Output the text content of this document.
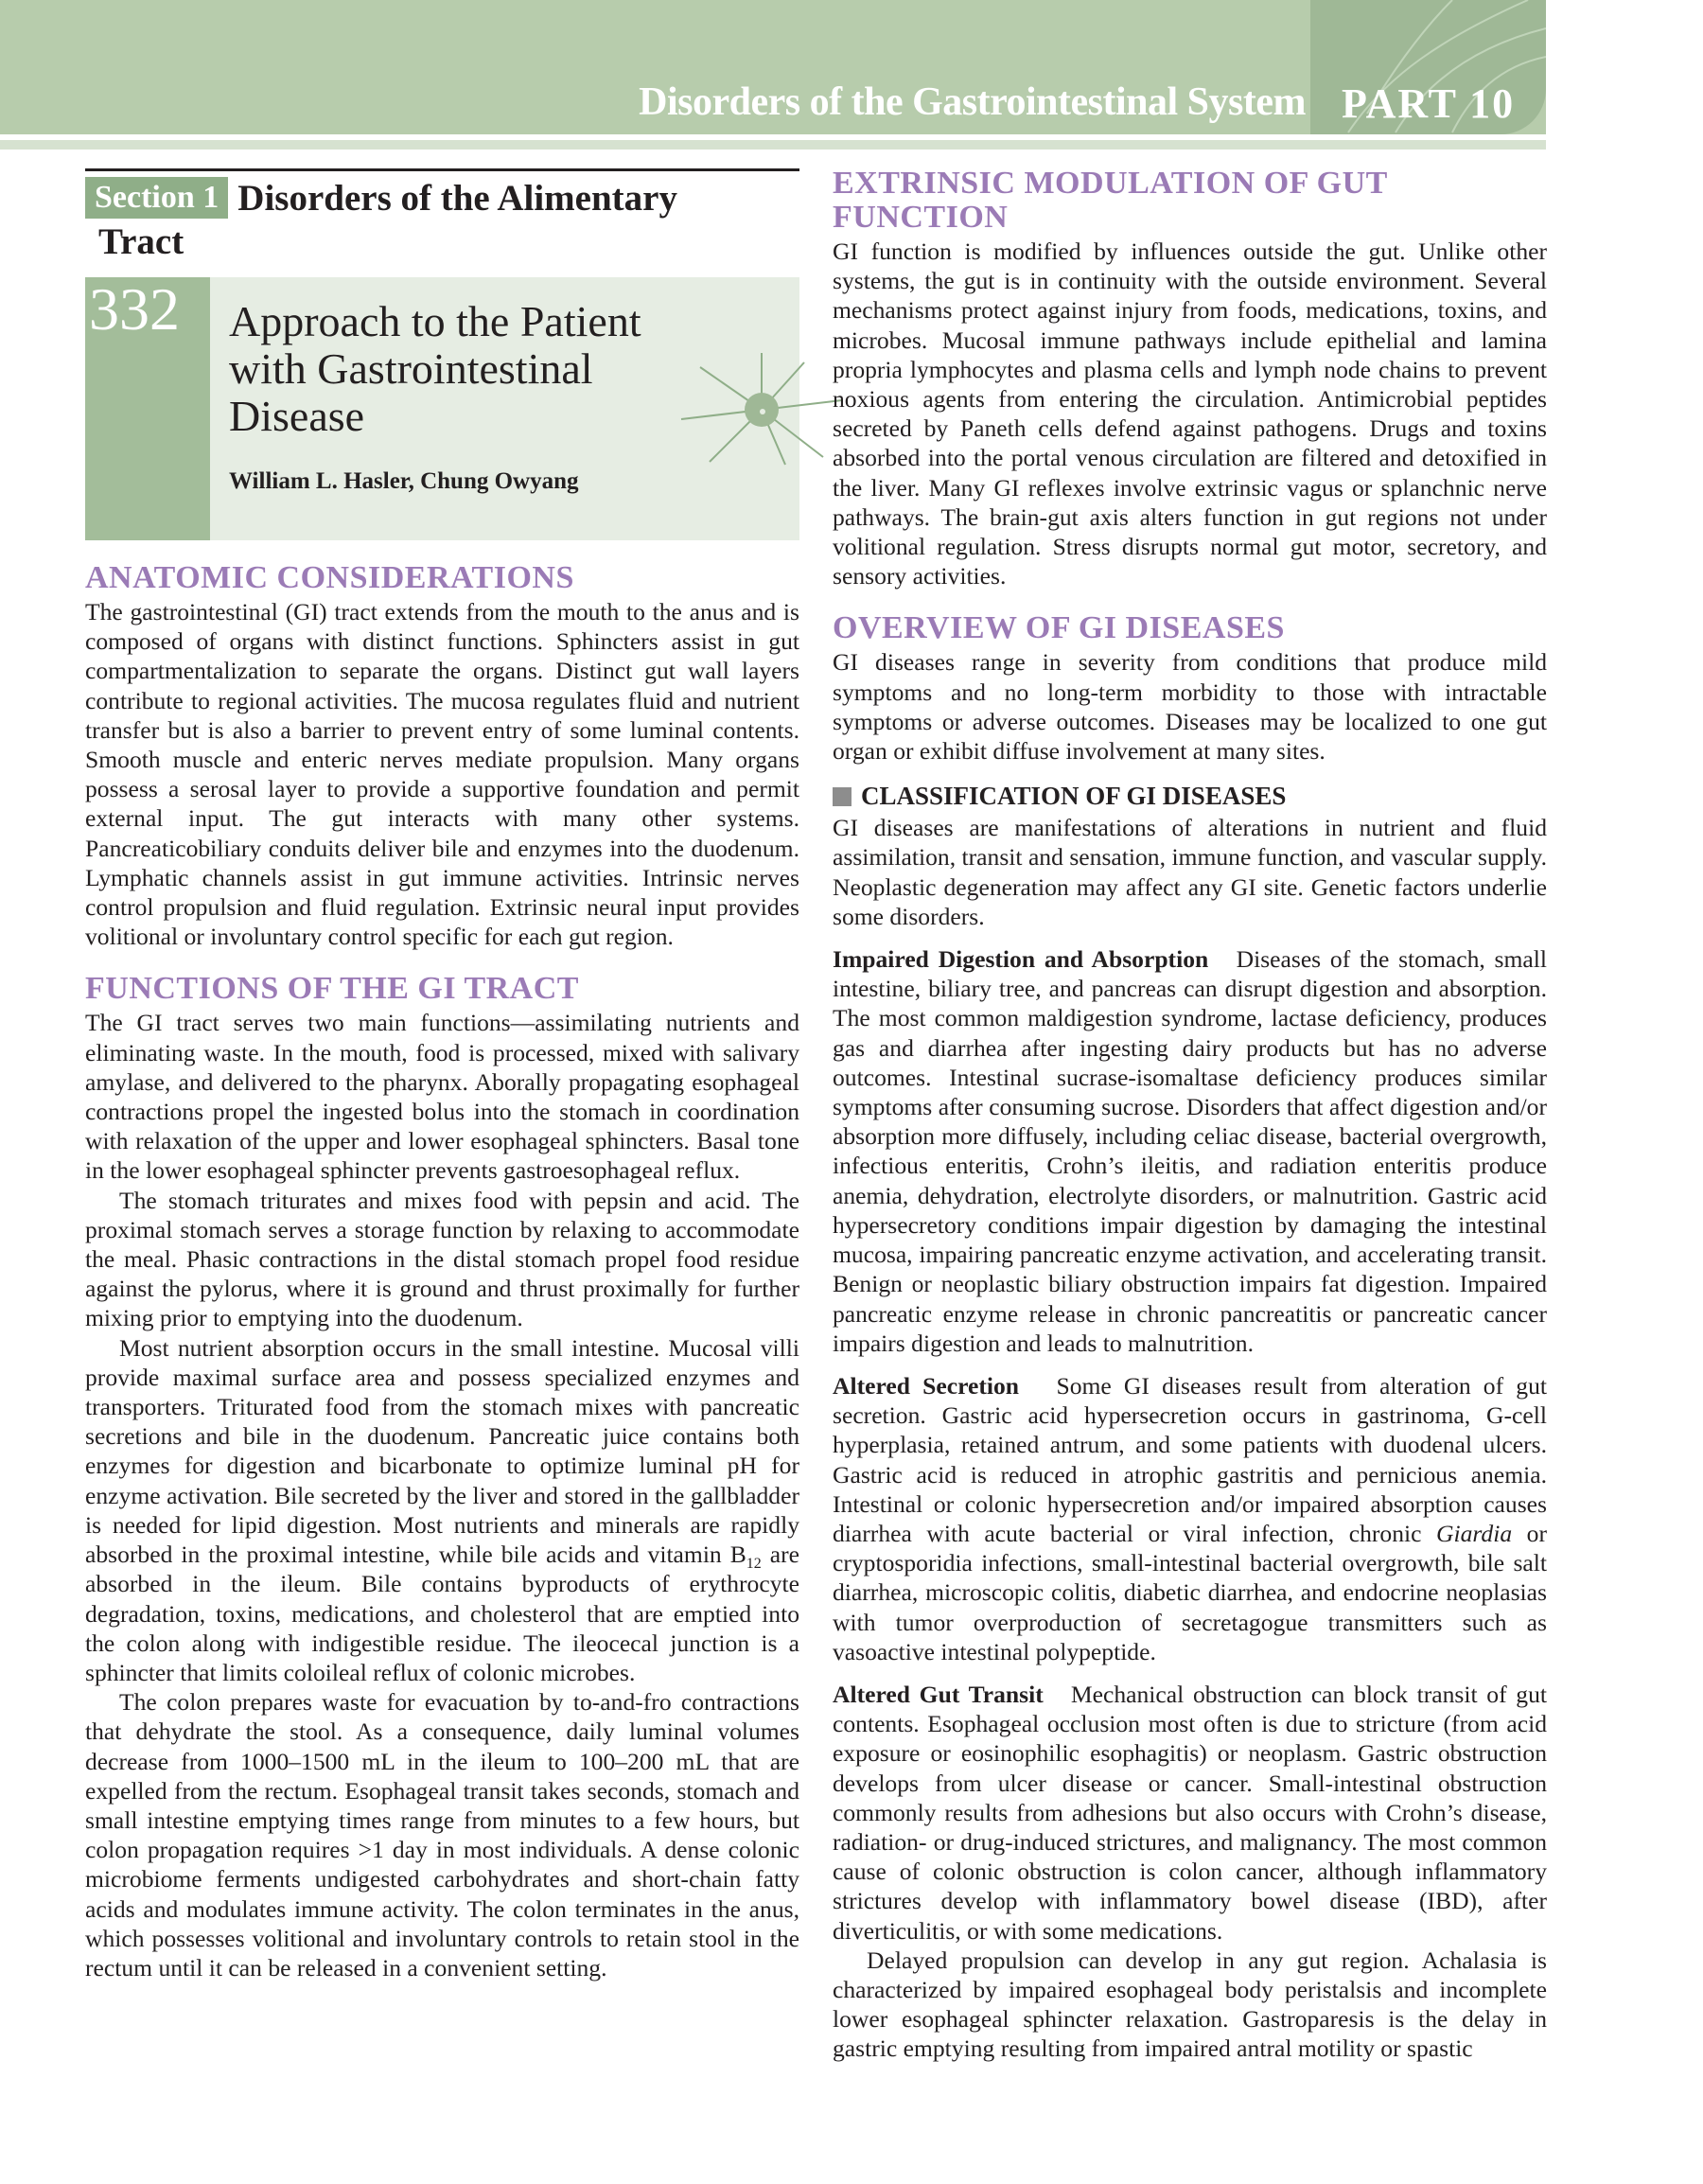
Disorders of the Gastrointestinal System PART 10
Section 1 Disorders of the Alimentary
Tract
332 Approach to the Patient with Gastrointestinal Disease
William L. Hasler, Chung Owyang
ANATOMIC CONSIDERATIONS

The gastrointestinal (GI) tract extends from the mouth to the anus and is composed of organs with distinct functions. Sphincters assist in gut compartmentalization to separate the organs. Distinct gut wall layers contribute to regional activities. The mucosa regulates fluid and nutrient transfer but is also a barrier to prevent entry of some luminal contents. Smooth muscle and enteric nerves mediate propulsion. Many organs possess a serosal layer to provide a supportive foundation and permit external input. The gut interacts with many other systems. Pancreaticobiliary conduits deliver bile and enzymes into the duodenum. Lymphatic channels assist in gut immune activities. Intrinsic nerves control propulsion and fluid regulation. Extrinsic neural input provides volitional or involuntary control specific for each gut region.

FUNCTIONS OF THE GI TRACT

The GI tract serves two main functions—assimilating nutrients and eliminating waste. In the mouth, food is processed, mixed with salivary amylase, and delivered to the pharynx. Aborally propagating esophageal contractions propel the ingested bolus into the stomach in coordination with relaxation of the upper and lower esophageal sphincters. Basal tone in the lower esophageal sphincter prevents gastroesophageal reflux.

The stomach triturates and mixes food with pepsin and acid. The proximal stomach serves a storage function by relaxing to accommodate the meal. Phasic contractions in the distal stomach propel food residue against the pylorus, where it is ground and thrust proximally for further mixing prior to emptying into the duodenum.

Most nutrient absorption occurs in the small intestine. Mucosal villi provide maximal surface area and possess specialized enzymes and transporters. Triturated food from the stomach mixes with pancreatic secretions and bile in the duodenum. Pancreatic juice contains both enzymes for digestion and bicarbonate to optimize luminal pH for enzyme activation. Bile secreted by the liver and stored in the gallbladder is needed for lipid digestion. Most nutrients and minerals are rapidly absorbed in the proximal intestine, while bile acids and vitamin $B_{12}$ are absorbed in the ileum. Bile contains byproducts of erythrocyte degradation, toxins, medications, and cholesterol that are emptied into the colon along with indigestible residue. The ileocecal junction is a sphincter that limits coloileal reflux of colonic microbes.

The colon prepares waste for evacuation by to-and-fro contractions that dehydrate the stool. As a consequence, daily luminal volumes decrease from 1000–1500 mL in the ileum to 100–200 mL that are expelled from the rectum. Esophageal transit takes seconds, stomach and small intestine emptying times range from minutes to a few hours, but colon propagation requires >1 day in most individuals. A dense colonic microbiome ferments undigested carbohydrates and short-chain fatty acids and modulates immune activity. The colon terminates in the anus, which possesses volitional and involuntary controls to retain stool in the rectum until it can be released in a convenient setting.

EXTRINSIC MODULATION OF GUT FUNCTION

GI function is modified by influences outside the gut. Unlike other systems, the gut is in continuity with the outside environment. Several mechanisms protect against injury from foods, medications, toxins, and microbes. Mucosal immune pathways include epithelial and lamina propria lymphocytes and plasma cells and lymph node chains to prevent noxious agents from entering the circulation. Antimicrobial peptides secreted by Paneth cells defend against pathogens. Drugs and toxins absorbed into the portal venous circulation are filtered and detoxified in the liver. Many GI reflexes involve extrinsic vagus or splanchnic nerve pathways. The brain-gut axis alters function in gut regions not under volitional regulation. Stress disrupts normal gut motor, secretory, and sensory activities.

OVERVIEW OF GI DISEASES

GI diseases range in severity from conditions that produce mild symptoms and no long-term morbidity to those with intractable symptoms or adverse outcomes. Diseases may be localized to one gut organ or exhibit diffuse involvement at many sites.

CLASSIFICATION OF GI DISEASES

GI diseases are manifestations of alterations in nutrient and fluid assimilation, transit and sensation, immune function, and vascular supply. Neoplastic degeneration may affect any GI site. Genetic factors underlie some disorders.

Impaired Digestion and Absorption Diseases of the stomach, small intestine, biliary tree, and pancreas can disrupt digestion and absorption. The most common maldigestion syndrome, lactase deficiency, produces gas and diarrhea after ingesting dairy products but has no adverse outcomes. Intestinal sucrase-isomaltase deficiency produces similar symptoms after consuming sucrose. Disorders that affect digestion and/or absorption more diffusely, including celiac disease, bacterial overgrowth, infectious enteritis, Crohn’s ileitis, and radiation enteritis produce anemia, dehydration, electrolyte disorders, or malnutrition. Gastric acid hypersecretory conditions impair digestion by damaging the intestinal mucosa, impairing pancreatic enzyme activation, and accelerating transit. Benign or neoplastic biliary obstruction impairs fat digestion. Impaired pancreatic enzyme release in chronic pancreatitis or pancreatic cancer impairs digestion and leads to malnutrition.

Altered Secretion Some GI diseases result from alteration of gut secretion. Gastric acid hypersecretion occurs in gastrinoma, G-cell hyperplasia, retained antrum, and some patients with duodenal ulcers. Gastric acid is reduced in atrophic gastritis and pernicious anemia. Intestinal or colonic hypersecretion and/or impaired absorption causes diarrhea with acute bacterial or viral infection, chronic Giardia or cryptosporidia infections, small-intestinal bacterial overgrowth, bile salt diarrhea, microscopic colitis, diabetic diarrhea, and endocrine neoplasias with tumor overproduction of secretagogue transmitters such as vasoactive intestinal polypeptide.

Altered Gut Transit Mechanical obstruction can block transit of gut contents. Esophageal occlusion most often is due to stricture (from acid exposure or eosinophilic esophagitis) or neoplasm. Gastric obstruction develops from ulcer disease or cancer. Small-intestinal obstruction commonly results from adhesions but also occurs with Crohn’s disease, radiation- or drug-induced strictures, and malignancy. The most common cause of colonic obstruction is colon cancer, although inflammatory strictures develop with inflammatory bowel disease (IBD), after diverticulitis, or with some medications.

Delayed propulsion can develop in any gut region. Achalasia is characterized by impaired esophageal body peristalsis and incomplete lower esophageal sphincter relaxation. Gastroparesis is the delay in gastric emptying resulting from impaired antral motility or spastic
